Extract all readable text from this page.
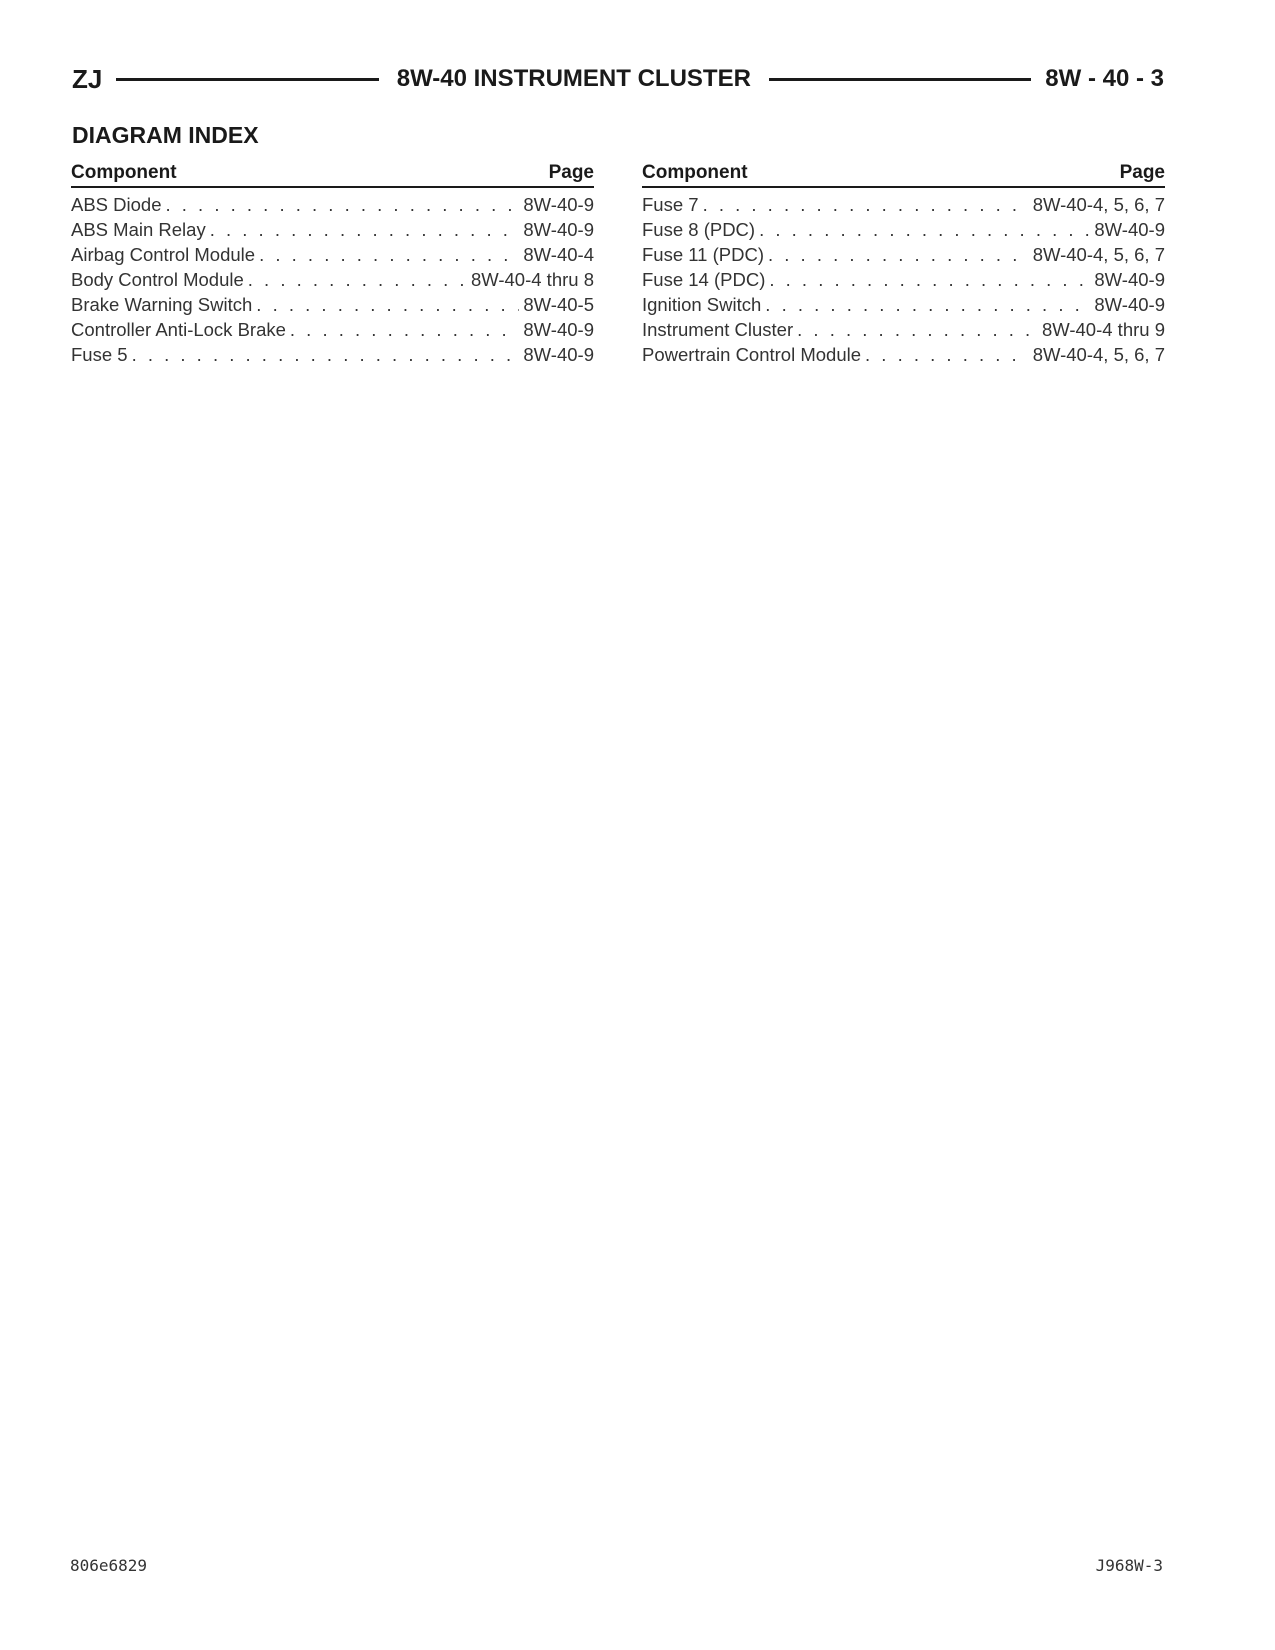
ZJ	8W-40 INSTRUMENT CLUSTER	8W - 40 - 3
DIAGRAM INDEX
Component	Page
ABS Diode . . .	8W-40-9
ABS Main Relay . . .	8W-40-9
Airbag Control Module . . .	8W-40-4
Body Control Module . . .	8W-40-4 thru 8
Brake Warning Switch . . .	8W-40-5
Controller Anti-Lock Brake . . .	8W-40-9
Fuse 5 . . .	8W-40-9
Component	Page
Fuse 7 . . .	8W-40-4, 5, 6, 7
Fuse 8 (PDC) . . .	8W-40-9
Fuse 11 (PDC) . . .	8W-40-4, 5, 6, 7
Fuse 14 (PDC) . . .	8W-40-9
Ignition Switch . . .	8W-40-9
Instrument Cluster . . .	8W-40-4 thru 9
Powertrain Control Module . . .	8W-40-4, 5, 6, 7
806e6829	J968W-3
